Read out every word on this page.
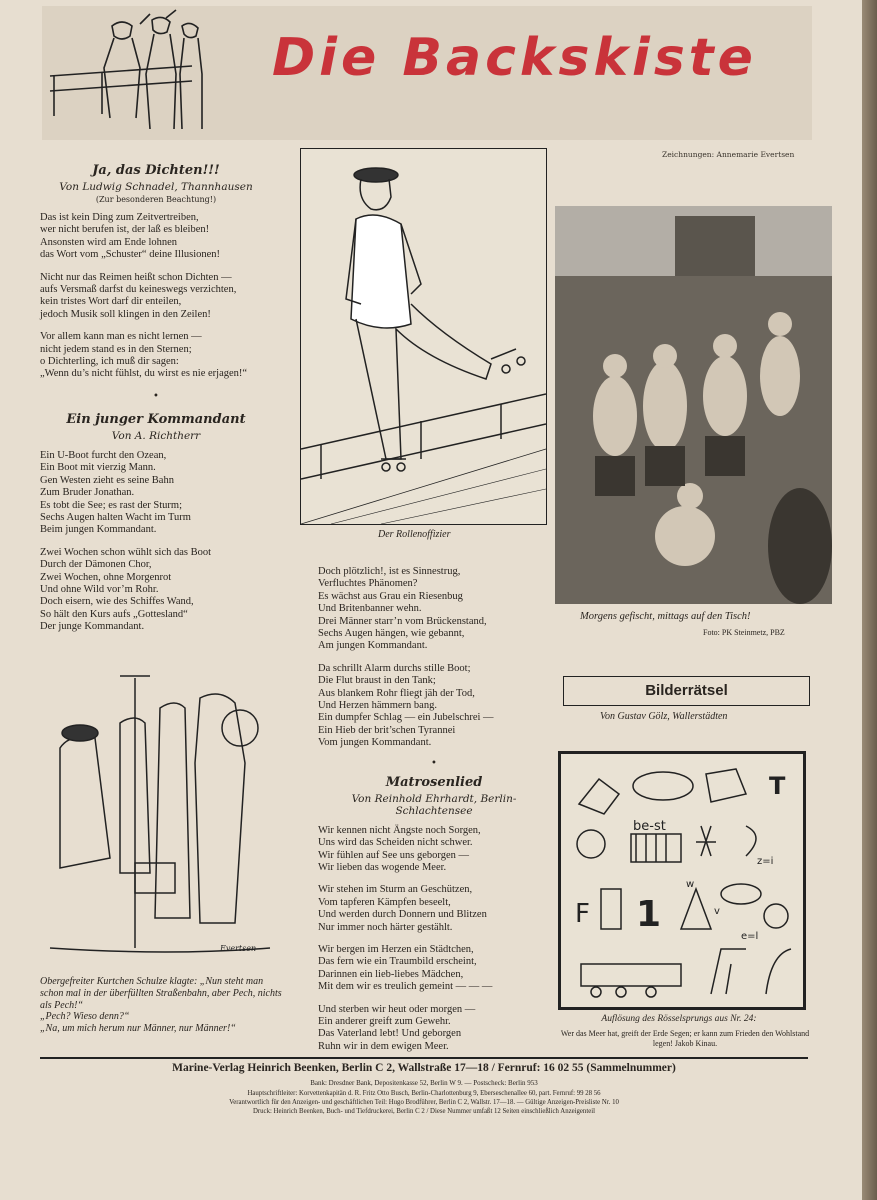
Die Backskiste
Zeichnungen: Annemarie Evertsen

Ja, das Dichten!!!

Von Ludwig Schnadel, Thannhausen

(Zur besonderen Beachtung!)

Das ist kein Ding zum Zeitvertreiben,
wer nicht berufen ist, der laß es bleiben!
Ansonsten wird am Ende lohnen
das Wort vom „Schuster“ deine Illusionen!

Nicht nur das Reimen heißt schon Dichten —
aufs Versmaß darfst du keineswegs verzichten,
kein tristes Wort darf dir enteilen,
jedoch Musik soll klingen in den Zeilen!

Vor allem kann man es nicht lernen —
nicht jedem stand es in den Sternen;
o Dichterling, ich muß dir sagen:
„Wenn du’s nicht fühlst, du wirst es nie erjagen!“

•

Ein junger Kommandant

Von A. Richtherr

Ein U-Boot furcht den Ozean,
Ein Boot mit vierzig Mann.
Gen Westen zieht es seine Bahn
Zum Bruder Jonathan.
Es tobt die See; es rast der Sturm;
Sechs Augen halten Wacht im Turm
Beim jungen Kommandant.

Zwei Wochen schon wühlt sich das Boot
Durch der Dämonen Chor,
Zwei Wochen, ohne Morgenrot
Und ohne Wild vor’m Rohr.
Doch eisern, wie des Schiffes Wand,
So hält den Kurs aufs „Gottesland“
Der junge Kommandant.

Der Rollenoffizier

Doch plötzlich!, ist es Sinnestrug,
Verfluchtes Phänomen?
Es wächst aus Grau ein Riesenbug
Und Britenbanner wehn.
Drei Männer starr’n vom Brückenstand,
Sechs Augen hängen, wie gebannt,
Am jungen Kommandant.

Da schrillt Alarm durchs stille Boot;
Die Flut braust in den Tank;
Aus blankem Rohr fliegt jäh der Tod,
Und Herzen hämmern bang.
Ein dumpfer Schlag — ein Jubelschrei —
Ein Hieb der brit’schen Tyrannei
Vom jungen Kommandant.

•

Matrosenlied

Von Reinhold Ehrhardt, Berlin-Schlachtensee

Wir kennen nicht Ängste noch Sorgen,
Uns wird das Scheiden nicht schwer.
Wir fühlen auf See uns geborgen —
Wir lieben das wogende Meer.

Wir stehen im Sturm an Geschützen,
Vom tapferen Kämpfen beseelt,
Und werden durch Donnern und Blitzen
Nur immer noch härter gestählt.

Wir bergen im Herzen ein Städtchen,
Das fern wie ein Traumbild erscheint,
Darinnen ein lieb-liebes Mädchen,
Mit dem wir es treulich gemeint — — —

Und sterben wir heut oder morgen —
Ein anderer greift zum Gewehr.
Das Vaterland lebt! Und geborgen
Ruhn wir in dem ewigen Meer.

Morgens gefischt, mittags auf den Tisch!
Foto: PK Steinmetz, PBZ
Bilderrätsel
Von Gustav Gölz, Wallerstädten
T
be-st
z=i
F 1
e=l
w
v
Auflösung des Rösselsprungs aus Nr. 24:
Wer das Meer hat, greift der Erde Segen; er kann zum Frieden den Wohlstand legen! Jakob Kinau.
Evertsen
Obergefreiter Kurtchen Schulze klagte: „Nun steht man schon mal in der überfüllten Straßenbahn, aber Pech, nichts als Pech!“
„Pech? Wieso denn?“
„Na, um mich herum nur Männer, nur Männer!“
Marine-Verlag Heinrich Beenken, Berlin C 2, Wallstraße 17—18 / Fernruf: 16 02 55 (Sammelnummer)
Bank: Dresdner Bank, Depositenkasse 52, Berlin W 9. — Postscheck: Berlin 953
Hauptschriftleiter: Korvettenkapitän d. R. Fritz Otto Busch, Berlin-Charlottenburg 9, Eberseschenallee 60, part. Fernruf: 99 28 56
Verantwortlich für den Anzeigen- und geschäftlichen Teil: Hugo Brodführer, Berlin C 2, Wallstr. 17—18. — Gültige Anzeigen-Preisliste Nr. 10
Druck: Heinrich Beenken, Buch- und Tiefdruckerei, Berlin C 2 / Diese Nummer umfaßt 12 Seiten einschließlich Anzeigenteil
